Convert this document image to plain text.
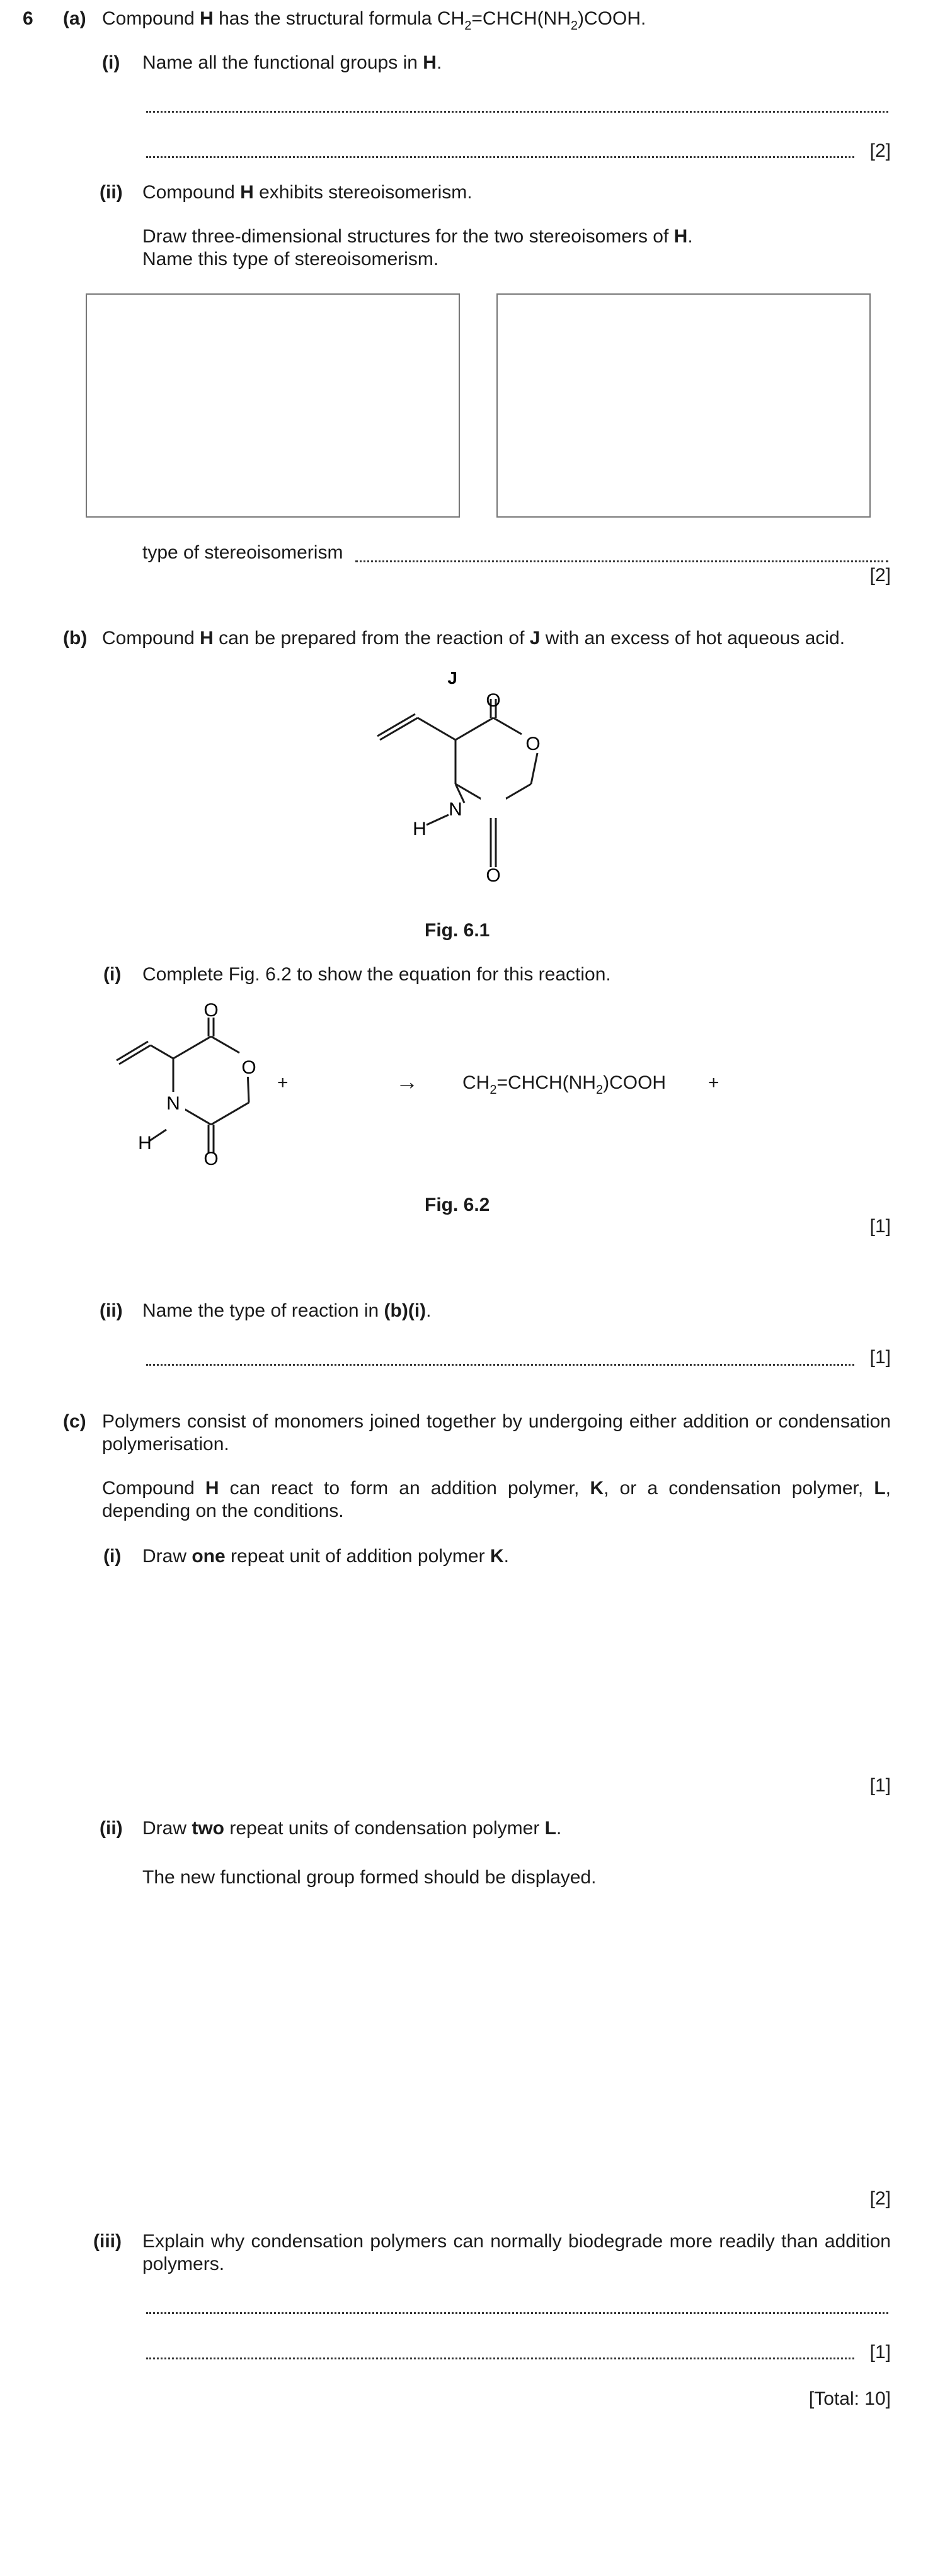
6 (a) Compound H has the structural formula $CH_2=CHCH(NH_2)COOH$.
(i) Name all the functional groups in H.
[2]
(ii) Compound H exhibits stereoisomerism.
Draw three-dimensional structures for the two stereoisomers of H.
Name this type of stereoisomerism.
type of stereoisomerism
[2]
(b) Compound H can be prepared from the reaction of J with an excess of hot aqueous acid.
J
O
O
N
H
O
Fig. 6.1
(i) Complete Fig. 6.2 to show the equation for this reaction.
O
O
N
H
O
+	→ $CH_2=CHCH(NH_2)COOH$ +
Fig. 6.2
[1]
(ii) Name the type of reaction in (b)(i).
[1]
(c) Polymers consist of monomers joined together by undergoing either addition or condensation polymerisation.
Compound H can react to form an addition polymer, K, or a condensation polymer, L, depending on the conditions.
(i) Draw one repeat unit of addition polymer K.
[1]
(ii) Draw two repeat units of condensation polymer L.
The new functional group formed should be displayed.
[2]
(iii) Explain why condensation polymers can normally biodegrade more readily than addition polymers.
[1]
[Total: 10]
